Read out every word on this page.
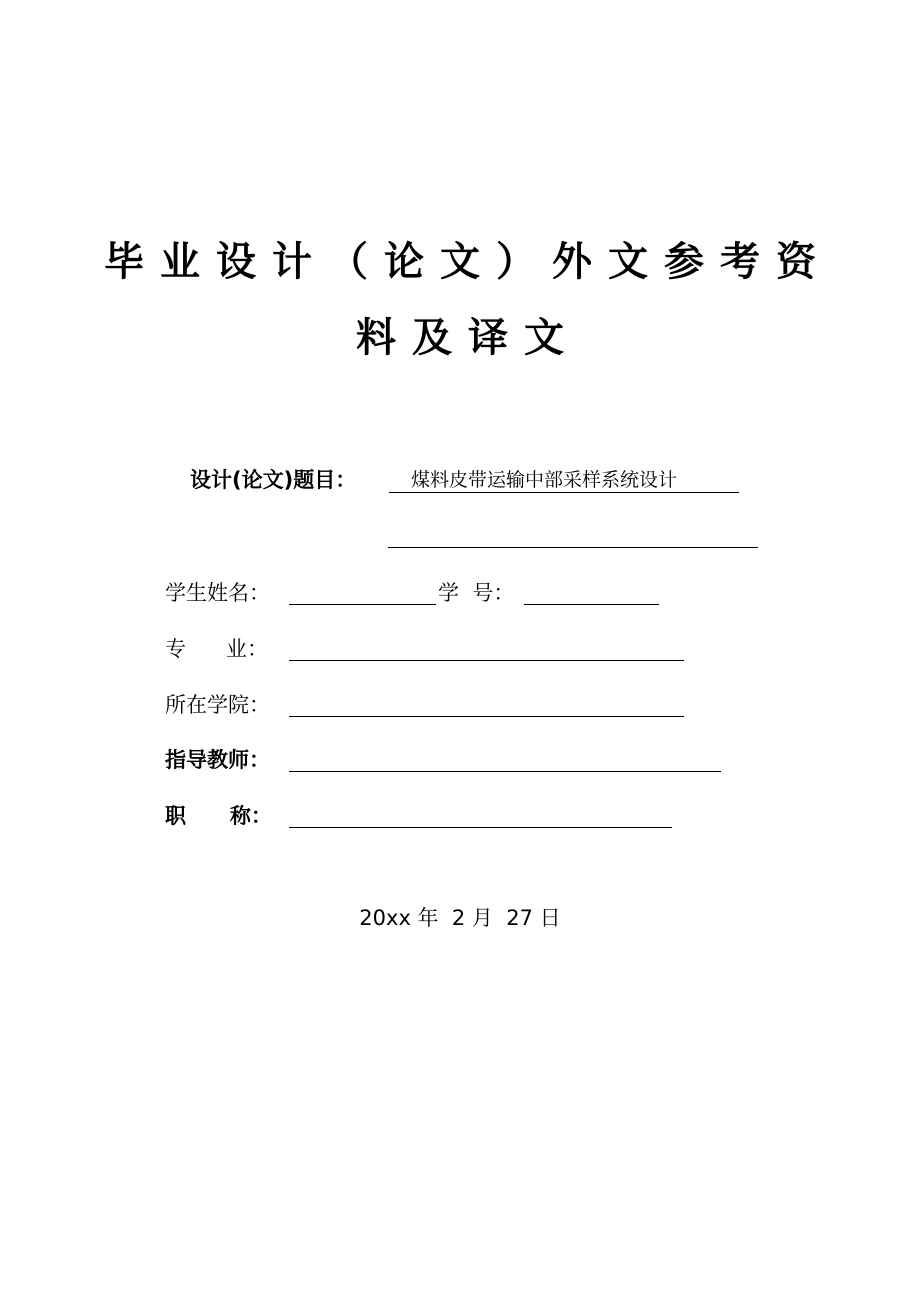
毕业设计（论文）外文参考资
料及译文
设计(论文)题目：	煤料皮带运输中部采样系统设计
学生姓名：	学  号：
专      业：
所在学院：
指导教师：
职      称：
20xx 年  2 月  27 日
